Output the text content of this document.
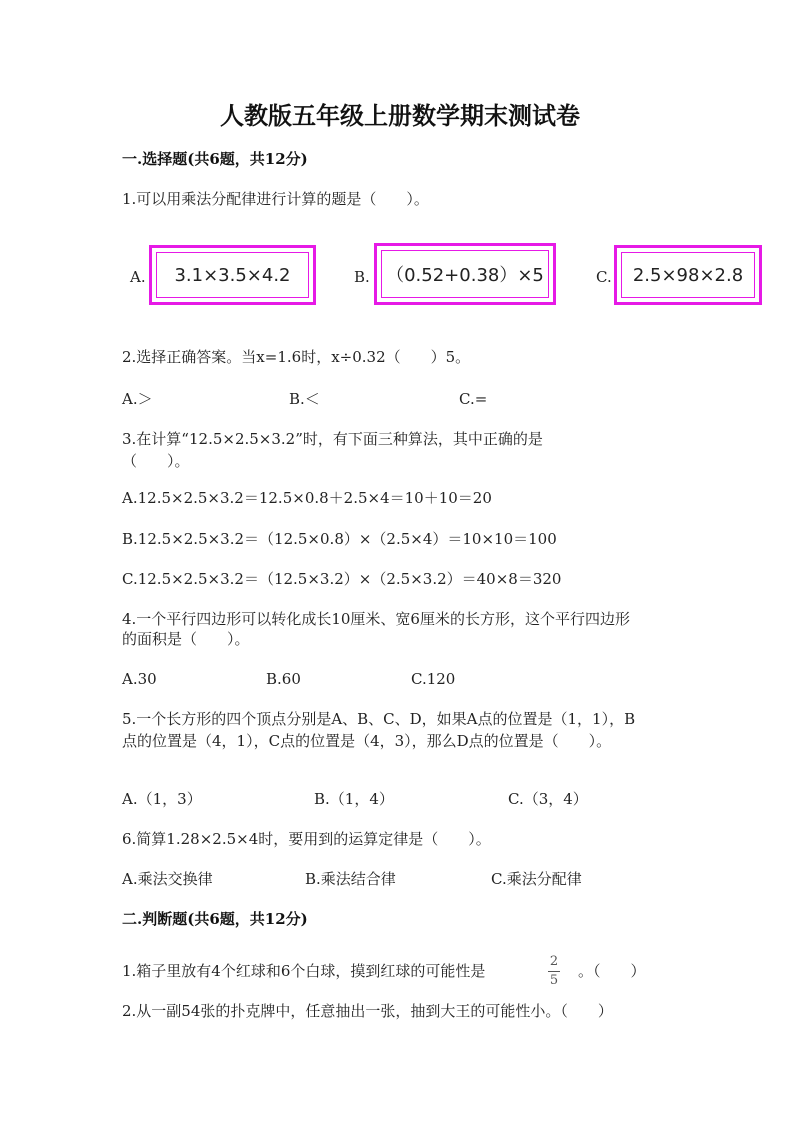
人教版五年级上册数学期末测试卷
一.选择题(共6题，共12分)
1.可以用乘法分配律进行计算的题是（　　）。
A.	3.1×3.5×4.2	B. （0.52+0.38）×5	C.	2.5×98×2.8
2.选择正确答案。当x=1.6时，x÷0.32（　　）5。
A.＞	B.＜	C.=
3.在计算“12.5×2.5×3.2”时，有下面三种算法，其中正确的是
（　　）。
A.12.5×2.5×3.2＝12.5×0.8＋2.5×4＝10＋10＝20
B.12.5×2.5×3.2＝（12.5×0.8）×（2.5×4）＝10×10＝100
C.12.5×2.5×3.2＝（12.5×3.2）×（2.5×3.2）＝40×8＝320
4.一个平行四边形可以转化成长10厘米、宽6厘米的长方形，这个平行四边形
的面积是（　　）。
A.30	B.60	C.120
5.一个长方形的四个顶点分别是A、B、C、D，如果A点的位置是（1，1），B
点的位置是（4，1），C点的位置是（4，3），那么D点的位置是（　　）。
A.（1，3）	B.（1，4）	C.（3，4）
6.简算1.28×2.5×4时，要用到的运算定律是（　　）。
A.乘法交换律	B.乘法结合律	C.乘法分配律
二.判断题(共6题，共12分)
1.箱子里放有4个红球和6个白球，摸到红球的可能性是
2
5
。（　　）
2.从一副54张的扑克牌中，任意抽出一张，抽到大王的可能性小。（　　）
